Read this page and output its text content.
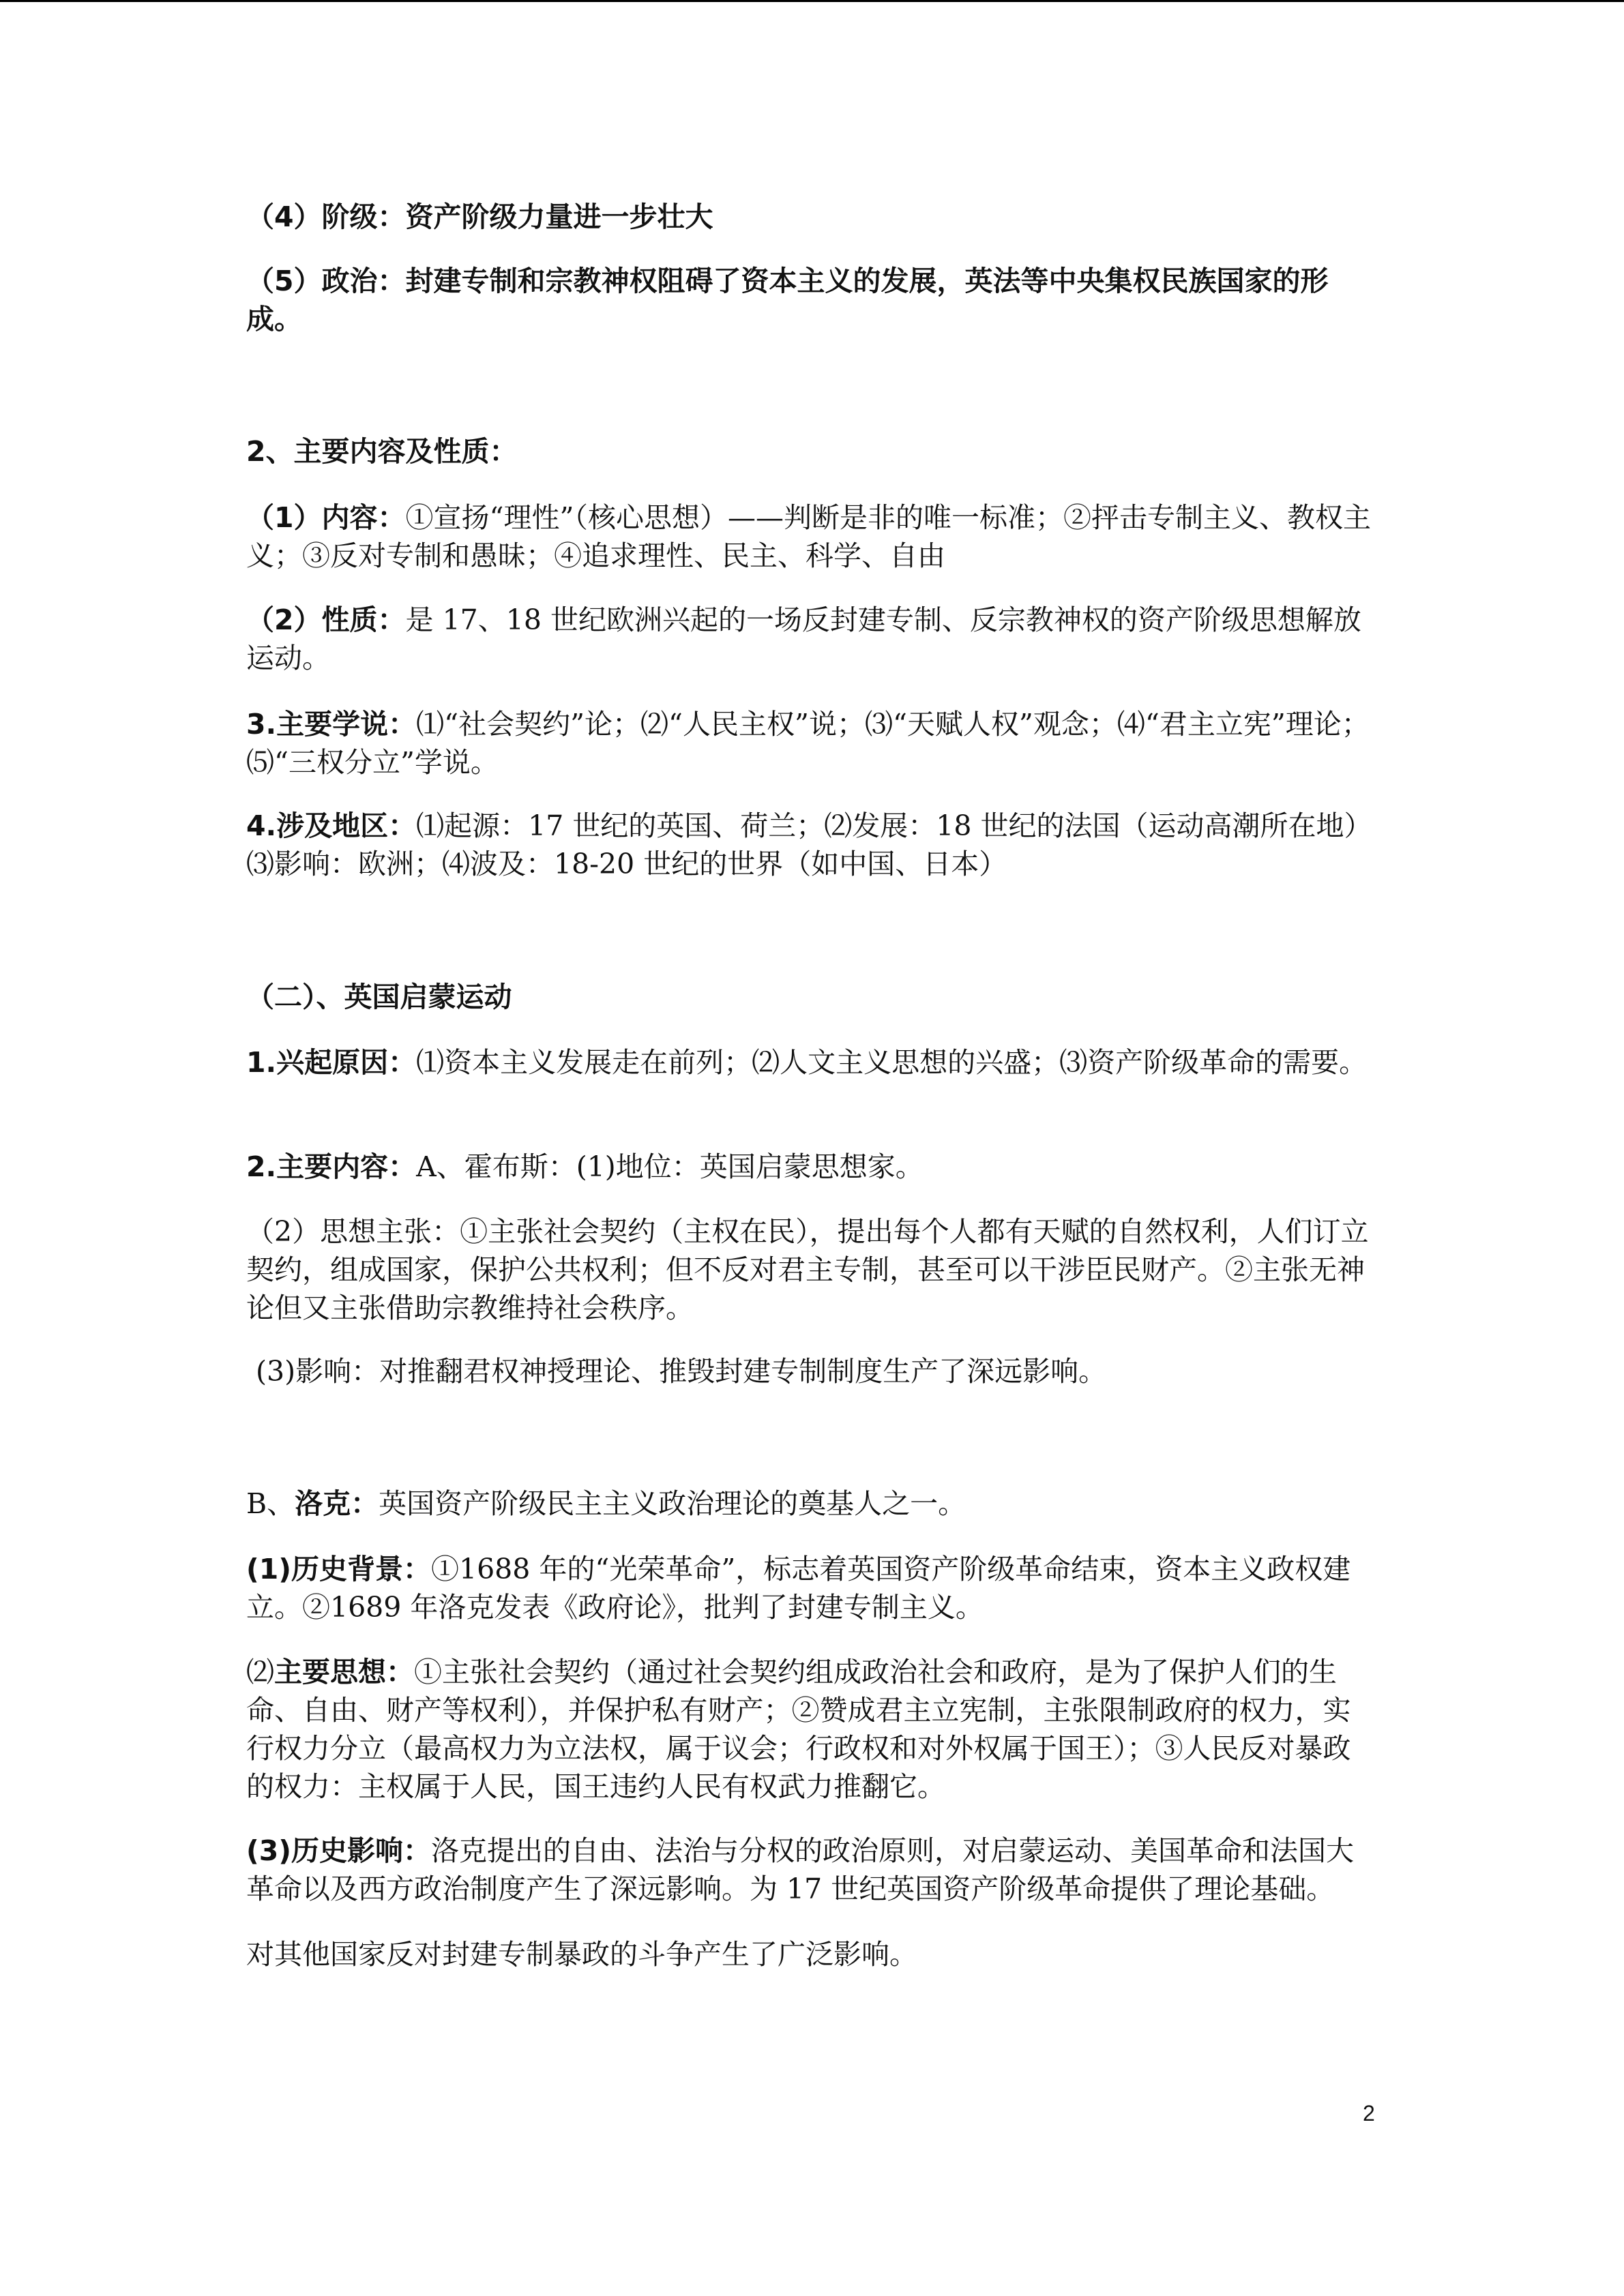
（4）阶级：资产阶级力量进一步壮大

（5）政治：封建专制和宗教神权阻碍了资本主义的发展，英法等中央集权民族国家的形成。

2、主要内容及性质：

（1）内容：①宣扬“理性”（核心思想）——判断是非的唯一标准；②抨击专制主义、教权主义；③反对专制和愚昧；④追求理性、民主、科学、自由

（2）性质：是 17、18 世纪欧洲兴起的一场反封建专制、反宗教神权的资产阶级思想解放运动。

3.主要学说：⑴“社会契约”论；⑵“人民主权”说；⑶“天赋人权”观念；⑷“君主立宪”理论；⑸“三权分立”学说。

4.涉及地区：⑴起源：17 世纪的英国、荷兰；⑵发展：18 世纪的法国（运动高潮所在地）⑶影响：欧洲；⑷波及：18-20 世纪的世界（如中国、日本）

（二）、英国启蒙运动

1.兴起原因：⑴资本主义发展走在前列；⑵人文主义思想的兴盛；⑶资产阶级革命的需要。

2.主要内容：A、霍布斯：(1)地位：英国启蒙思想家。

（2）思想主张：①主张社会契约（主权在民），提出每个人都有天赋的自然权利，人们订立契约，组成国家，保护公共权利；但不反对君主专制，甚至可以干涉臣民财产。②主张无神论但又主张借助宗教维持社会秩序。

(3)影响：对推翻君权神授理论、推毁封建专制制度生产了深远影响。

B、洛克：英国资产阶级民主主义政治理论的奠基人之一。

(1)历史背景：①1688 年的“光荣革命”，标志着英国资产阶级革命结束，资本主义政权建立。②1689 年洛克发表《政府论》，批判了封建专制主义。

⑵主要思想：①主张社会契约（通过社会契约组成政治社会和政府，是为了保护人们的生命、自由、财产等权利），并保护私有财产；②赞成君主立宪制，主张限制政府的权力，实行权力分立（最高权力为立法权，属于议会；行政权和对外权属于国王）；③人民反对暴政的权力：主权属于人民，国王违约人民有权武力推翻它。

(3)历史影响：洛克提出的自由、法治与分权的政治原则，对启蒙运动、美国革命和法国大革命以及西方政治制度产生了深远影响。为 17 世纪英国资产阶级革命提供了理论基础。

对其他国家反对封建专制暴政的斗争产生了广泛影响。

2
